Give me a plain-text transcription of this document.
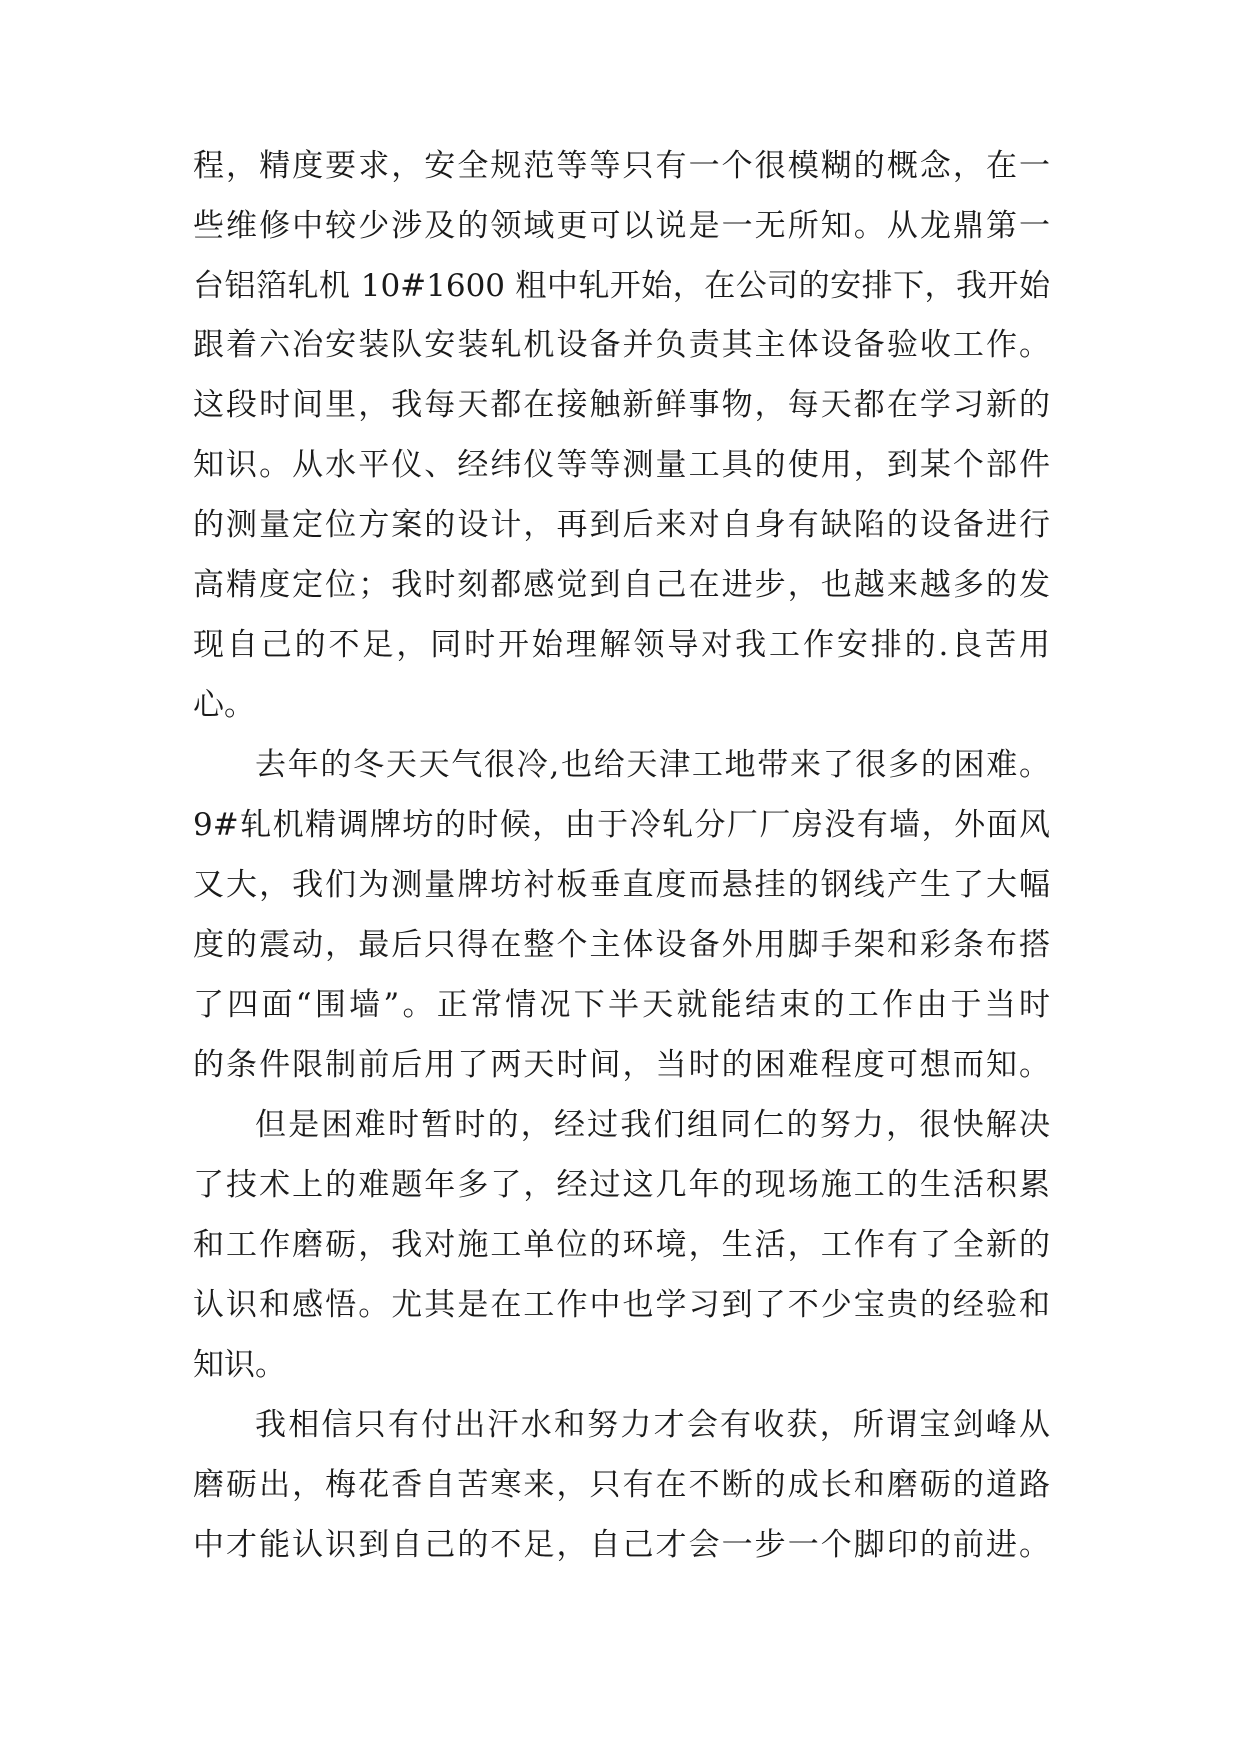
程，精度要求，安全规范等等只有一个很模糊的概念，在一
些维修中较少涉及的领域更可以说是一无所知。从龙鼎第一
台铝箔轧机 10#1600 粗中轧开始，在公司的安排下，我开始
跟着六冶安装队安装轧机设备并负责其主体设备验收工作。
这段时间里，我每天都在接触新鲜事物，每天都在学习新的
知识。从水平仪、经纬仪等等测量工具的使用，到某个部件
的测量定位方案的设计，再到后来对自身有缺陷的设备进行
高精度定位；我时刻都感觉到自己在进步，也越来越多的发
现自己的不足，同时开始理解领导对我工作安排的.良苦用
心。
去年的冬天天气很冷,也给天津工地带来了很多的困难。
9#轧机精调牌坊的时候，由于冷轧分厂厂房没有墙，外面风
又大，我们为测量牌坊衬板垂直度而悬挂的钢线产生了大幅
度的震动，最后只得在整个主体设备外用脚手架和彩条布搭
了四面“围墙”。正常情况下半天就能结束的工作由于当时
的条件限制前后用了两天时间，当时的困难程度可想而知。
但是困难时暂时的，经过我们组同仁的努力，很快解决
了技术上的难题年多了，经过这几年的现场施工的生活积累
和工作磨砺，我对施工单位的环境，生活，工作有了全新的
认识和感悟。尤其是在工作中也学习到了不少宝贵的经验和
知识。
我相信只有付出汗水和努力才会有收获，所谓宝剑峰从
磨砺出，梅花香自苦寒来，只有在不断的成长和磨砺的道路
中才能认识到自己的不足，自己才会一步一个脚印的前进。
